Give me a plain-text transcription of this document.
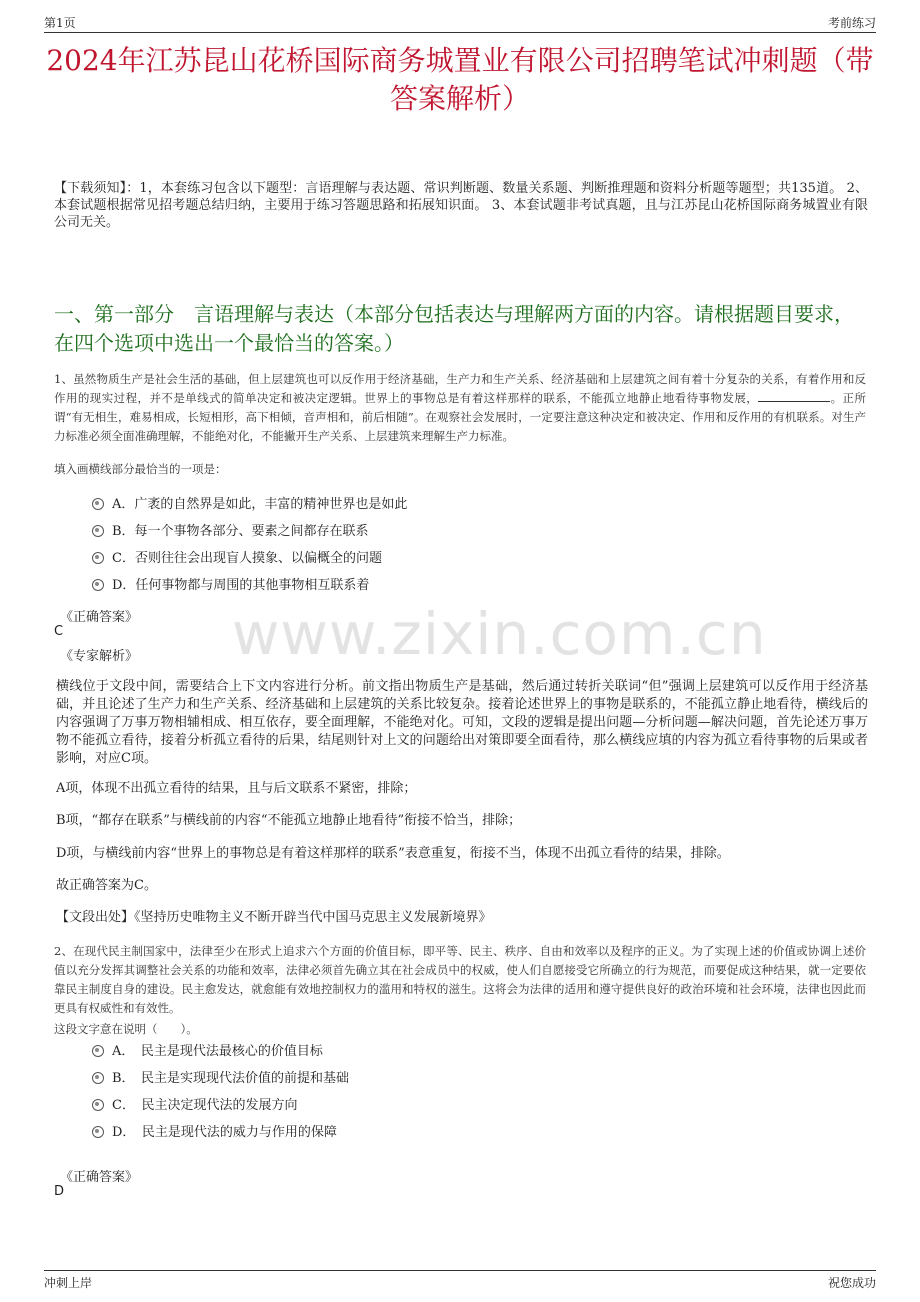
第1页	考前练习
www.zixin.com.cn
2024年江苏昆山花桥国际商务城置业有限公司招聘笔试冲刺题（带答案解析）
【下载须知】：1，本套练习包含以下题型：言语理解与表达题、常识判断题、数量关系题、判断推理题和资料分析题等题型；共135道。 2、本套试题根据常见招考题总结归纳，主要用于练习答题思路和拓展知识面。 3、本套试题非考试真题，且与江苏昆山花桥国际商务城置业有限公司无关。
一、第一部分　言语理解与表达（本部分包括表达与理解两方面的内容。请根据题目要求，在四个选项中选出一个最恰当的答案。）
1、虽然物质生产是社会生活的基础，但上层建筑也可以反作用于经济基础，生产力和生产关系、经济基础和上层建筑之间有着十分复杂的关系，有着作用和反作用的现实过程，并不是单线式的简单决定和被决定逻辑。世界上的事物总是有着这样那样的联系，不能孤立地静止地看待事物发展，	。正所谓“有无相生，难易相成，长短相形，高下相倾，音声相和，前后相随”。在观察社会发展时，一定要注意这种决定和被决定、作用和反作用的有机联系。对生产力标准必须全面准确理解，不能绝对化，不能撇开生产关系、上层建筑来理解生产力标准。
填入画横线部分最恰当的一项是：
A．广袤的自然界是如此，丰富的精神世界也是如此
B．每一个事物各部分、要素之间都存在联系
C．否则往往会出现盲人摸象、以偏概全的问题
D．任何事物都与周围的其他事物相互联系着
《正确答案》
C
《专家解析》
横线位于文段中间，需要结合上下文内容进行分析。前文指出物质生产是基础，然后通过转折关联词“但”强调上层建筑可以反作用于经济基础，并且论述了生产力和生产关系、经济基础和上层建筑的关系比较复杂。接着论述世界上的事物是联系的，不能孤立静止地看待，横线后的内容强调了万事万物相辅相成、相互依存，要全面理解，不能绝对化。可知，文段的逻辑是提出问题—分析问题—解决问题，首先论述万事万物不能孤立看待，接着分析孤立看待的后果，结尾则针对上文的问题给出对策即要全面看待，那么横线应填的内容为孤立看待事物的后果或者影响，对应C项。
A项，体现不出孤立看待的结果，且与后文联系不紧密，排除；
B项，“都存在联系”与横线前的内容“不能孤立地静止地看待”衔接不恰当，排除；
D项，与横线前内容“世界上的事物总是有着这样那样的联系”表意重复，衔接不当，体现不出孤立看待的结果，排除。
故正确答案为C。
【文段出处】《坚持历史唯物主义不断开辟当代中国马克思主义发展新境界》
2、在现代民主制国家中，法律至少在形式上追求六个方面的价值目标，即平等、民主、秩序、自由和效率以及程序的正义。为了实现上述的价值或协调上述价值以充分发挥其调整社会关系的功能和效率，法律必须首先确立其在社会成员中的权威，使人们自愿接受它所确立的行为规范，而要促成这种结果，就一定要依靠民主制度自身的建设。民主愈发达，就愈能有效地控制权力的滥用和特权的滋生。这将会为法律的适用和遵守提供良好的政治环境和社会环境，法律也因此而更具有权威性和有效性。
这段文字意在说明（　　）。
A．　民主是现代法最核心的价值目标
B．　民主是实现现代法价值的前提和基础
C．　民主决定现代法的发展方向
D．　民主是现代法的威力与作用的保障
《正确答案》
D
冲刺上岸	祝您成功
